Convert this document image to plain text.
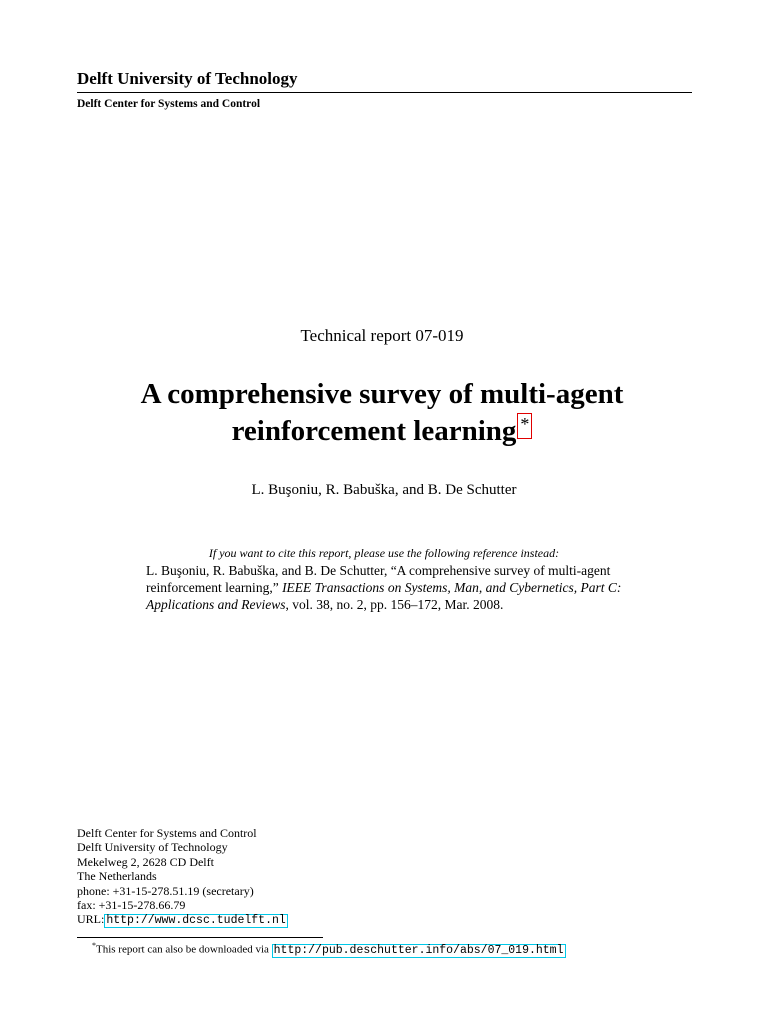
Delft University of Technology
Delft Center for Systems and Control
Technical report 07-019
A comprehensive survey of multi-agent
reinforcement learning *
L. Buşoniu, R. Babuška, and B. De Schutter
If you want to cite this report, please use the following reference instead:
L. Buşoniu, R. Babuška, and B. De Schutter, “A comprehensive survey of multi-agent reinforcement learning,” IEEE Transactions on Systems, Man, and Cybernetics, Part C: Applications and Reviews, vol. 38, no. 2, pp. 156–172, Mar. 2008.
Delft Center for Systems and Control
Delft University of Technology
Mekelweg 2, 2628 CD Delft
The Netherlands
phone: +31-15-278.51.19 (secretary)
fax: +31-15-278.66.79
URL: http://www.dcsc.tudelft.nl
*This report can also be downloaded via http://pub.deschutter.info/abs/07_019.html
